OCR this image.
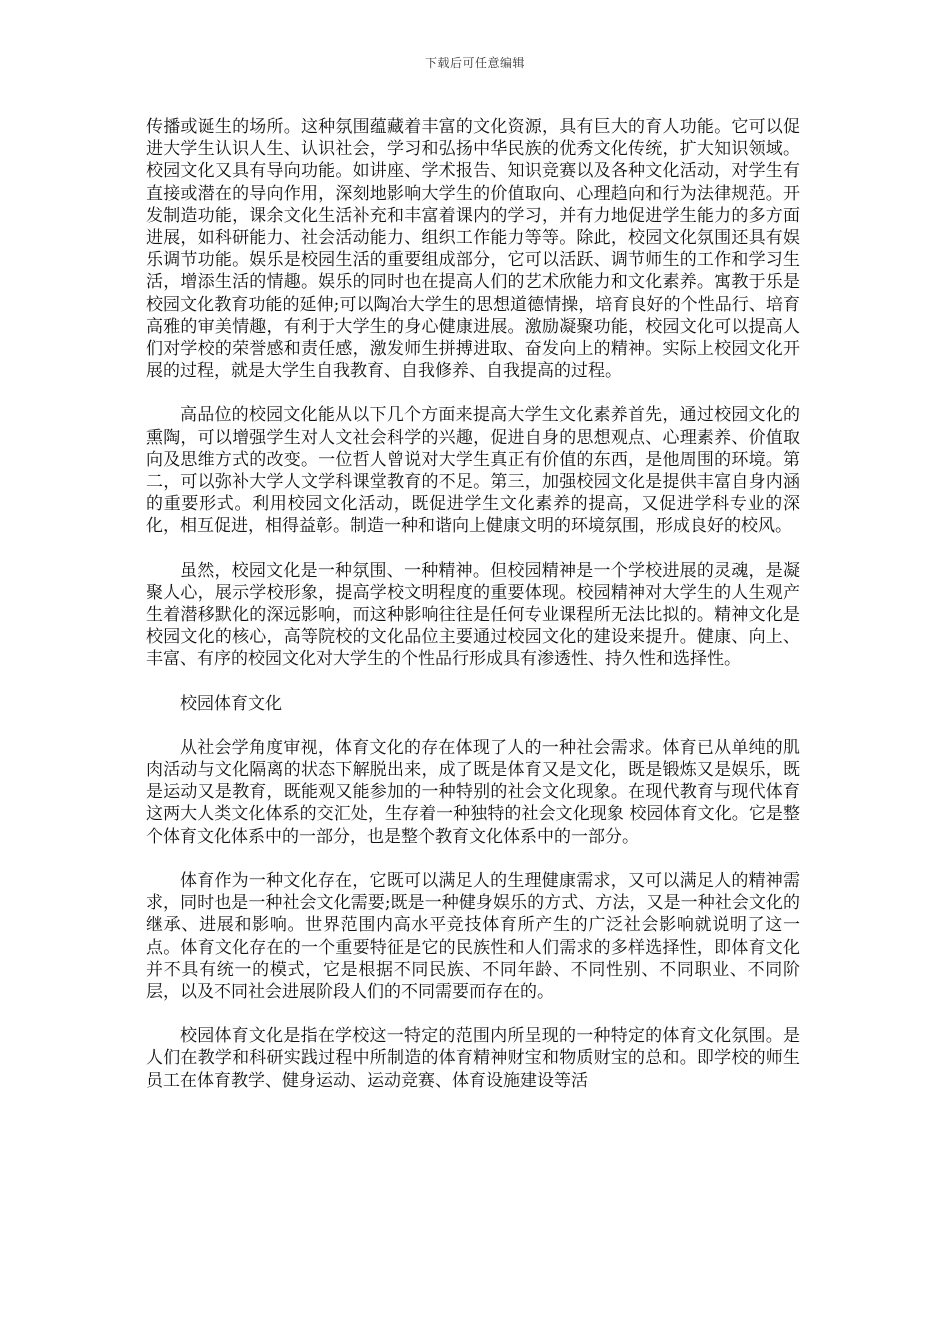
下载后可任意编辑

传播或诞生的场所。这种氛围蕴藏着丰富的文化资源，具有巨大的育人功能。它可以促进大学生认识人生、认识社会，学习和弘扬中华民族的优秀文化传统，扩大知识领域。校园文化又具有导向功能。如讲座、学术报告、知识竞赛以及各种文化活动，对学生有直接或潜在的导向作用，深刻地影响大学生的价值取向、心理趋向和行为法律规范。开发制造功能，课余文化生活补充和丰富着课内的学习，并有力地促进学生能力的多方面进展，如科研能力、社会活动能力、组织工作能力等等。除此，校园文化氛围还具有娱乐调节功能。娱乐是校园生活的重要组成部分，它可以活跃、调节师生的工作和学习生活，增添生活的情趣。娱乐的同时也在提高人们的艺术欣能力和文化素养。寓教于乐是校园文化教育功能的延伸;可以陶冶大学生的思想道德情操，培育良好的个性品行、培育高雅的审美情趣，有利于大学生的身心健康进展。激励凝聚功能，校园文化可以提高人们对学校的荣誉感和责任感，激发师生拼搏进取、奋发向上的精神。实际上校园文化开展的过程，就是大学生自我教育、自我修养、自我提高的过程。

高品位的校园文化能从以下几个方面来提高大学生文化素养首先，通过校园文化的熏陶，可以增强学生对人文社会科学的兴趣，促进自身的思想观点、心理素养、价值取向及思维方式的改变。一位哲人曾说对大学生真正有价值的东西，是他周围的环境。第二，可以弥补大学人文学科课堂教育的不足。第三，加强校园文化是提供丰富自身内涵的重要形式。利用校园文化活动，既促进学生文化素养的提高，又促进学科专业的深化，相互促进，相得益彰。制造一种和谐向上健康文明的环境氛围，形成良好的校风。

虽然，校园文化是一种氛围、一种精神。但校园精神是一个学校进展的灵魂，是凝聚人心，展示学校形象，提高学校文明程度的重要体现。校园精神对大学生的人生观产生着潜移默化的深远影响，而这种影响往往是任何专业课程所无法比拟的。精神文化是校园文化的核心，高等院校的文化品位主要通过校园文化的建设来提升。健康、向上、丰富、有序的校园文化对大学生的个性品行形成具有渗透性、持久性和选择性。

校园体育文化

从社会学角度审视，体育文化的存在体现了人的一种社会需求。体育已从单纯的肌肉活动与文化隔离的状态下解脱出来，成了既是体育又是文化，既是锻炼又是娱乐，既是运动又是教育，既能观又能参加的一种特别的社会文化现象。在现代教育与现代体育这两大人类文化体系的交汇处，生存着一种独特的社会文化现象 校园体育文化。它是整个体育文化体系中的一部分，也是整个教育文化体系中的一部分。

体育作为一种文化存在，它既可以满足人的生理健康需求，又可以满足人的精神需求，同时也是一种社会文化需要;既是一种健身娱乐的方式、方法，又是一种社会文化的继承、进展和影响。世界范围内高水平竞技体育所产生的广泛社会影响就说明了这一点。体育文化存在的一个重要特征是它的民族性和人们需求的多样选择性，即体育文化并不具有统一的模式，它是根据不同民族、不同年龄、不同性别、不同职业、不同阶层，以及不同社会进展阶段人们的不同需要而存在的。

校园体育文化是指在学校这一特定的范围内所呈现的一种特定的体育文化氛围。是人们在教学和科研实践过程中所制造的体育精神财宝和物质财宝的总和。即学校的师生员工在体育教学、健身运动、运动竞赛、体育设施建设等活
